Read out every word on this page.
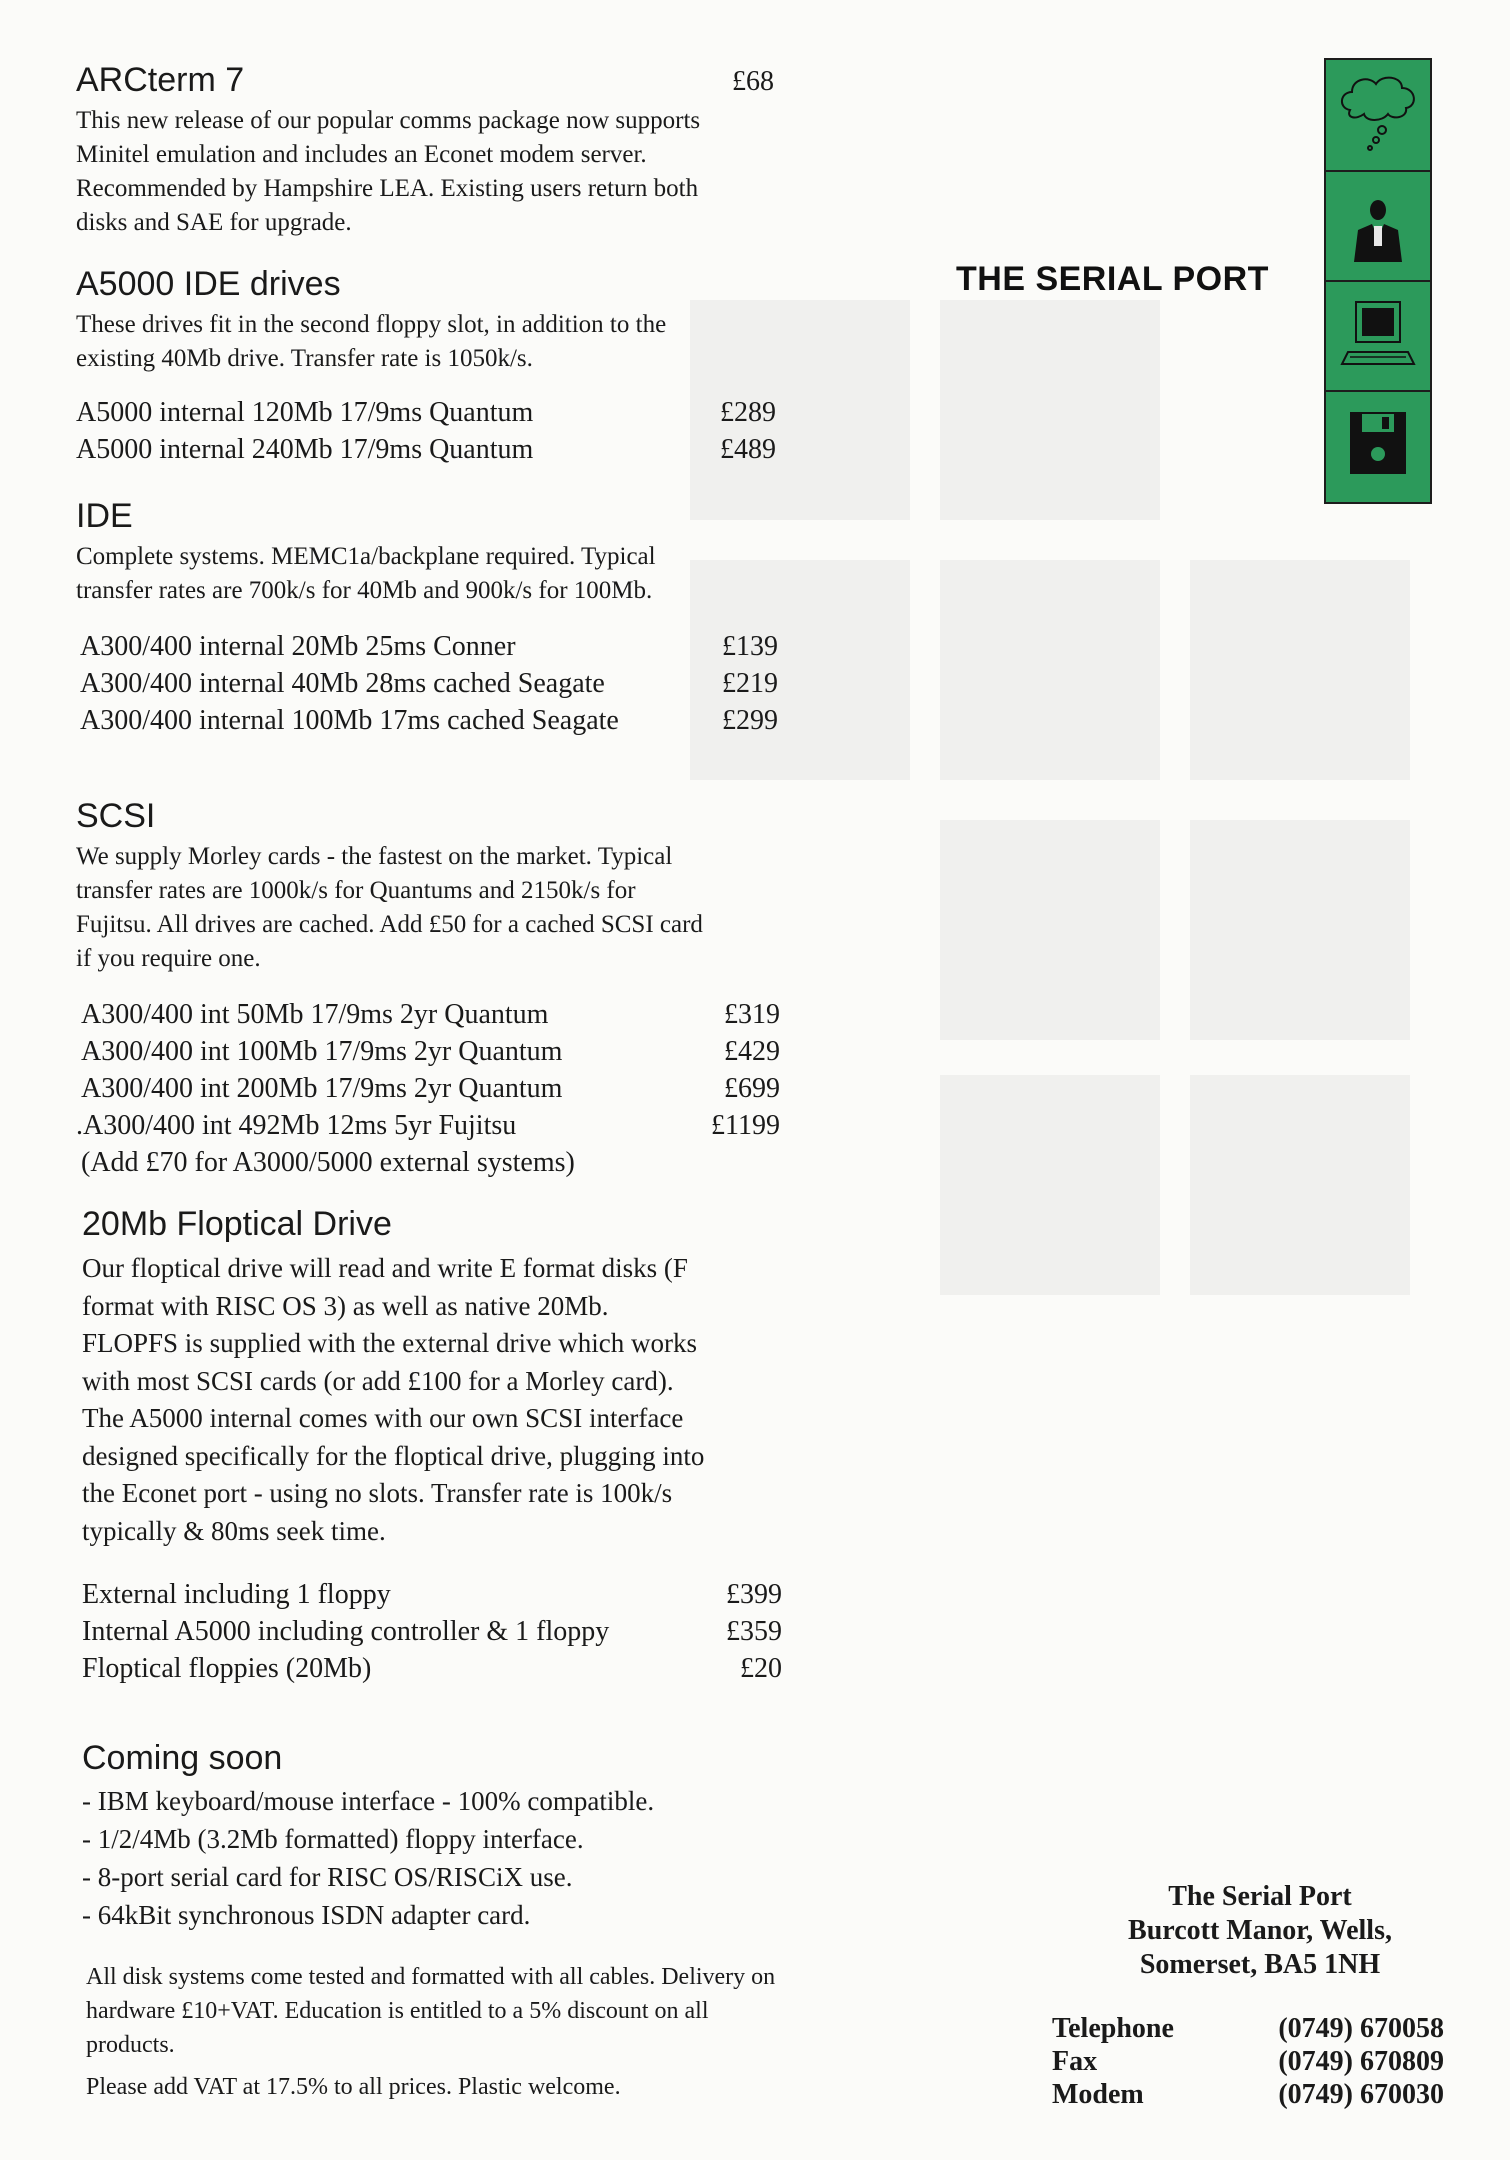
ARCterm 7	£68

This new release of our popular comms package now supports Minitel emulation and includes an Econet modem server. Recommended by Hampshire LEA. Existing users return both disks and SAE for upgrade.

A5000 IDE drives

These drives fit in the second floppy slot, in addition to the existing 40Mb drive. Transfer rate is 1050k/s.

A5000 internal 120Mb 17/9ms Quantum	£289
A5000 internal 240Mb 17/9ms Quantum	£489
IDE

Complete systems. MEMC1a/backplane required. Typical transfer rates are 700k/s for 40Mb and 900k/s for 100Mb.

A300/400 internal 20Mb 25ms Conner	£139
A300/400 internal 40Mb 28ms cached Seagate	£219
A300/400 internal 100Mb 17ms cached Seagate	£299
SCSI

We supply Morley cards - the fastest on the market. Typical transfer rates are 1000k/s for Quantums and 2150k/s for Fujitsu. All drives are cached. Add £50 for a cached SCSI card if you require one.

A300/400 int 50Mb 17/9ms 2yr Quantum	£319
A300/400 int 100Mb 17/9ms 2yr Quantum	£429
A300/400 int 200Mb 17/9ms 2yr Quantum	£699
.A300/400 int 492Mb 12ms 5yr Fujitsu	£1199
(Add £70 for A3000/5000 external systems)
20Mb Floptical Drive

Our floptical drive will read and write E format disks (F format with RISC OS 3) as well as native 20Mb. FLOPFS is supplied with the external drive which works with most SCSI cards (or add £100 for a Morley card). The A5000 internal comes with our own SCSI interface designed specifically for the floptical drive, plugging into the Econet port - using no slots. Transfer rate is 100k/s typically & 80ms seek time.

External including 1 floppy	£399
Internal A5000 including controller & 1 floppy	£359
Floptical floppies (20Mb)	£20
Coming soon
- IBM keyboard/mouse interface - 100% compatible.
- 1/2/4Mb (3.2Mb formatted) floppy interface.
- 8-port serial card for RISC OS/RISCiX use.
- 64kBit synchronous ISDN adapter card.

All disk systems come tested and formatted with all cables. Delivery on hardware £10+VAT. Education is entitled to a 5% discount on all products.

Please add VAT at 17.5% to all prices. Plastic welcome.

THE SERIAL PORT
The Serial Port
Burcott Manor, Wells,
Somerset, BA5 1NH
Telephone	(0749) 670058
Fax	(0749) 670809
Modem	(0749) 670030
